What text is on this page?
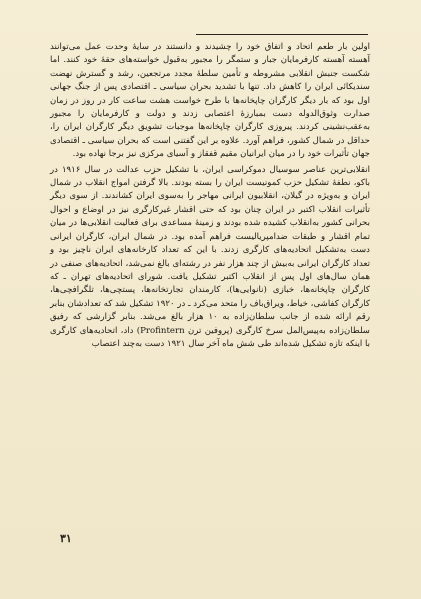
اولین بار طعم اتحاد و اتفاق خود را چشیدند و دانستند در سایهٔ وحدت عمل می‌توانند آهسته آهسته کارفرمایان جبار و ستمگر را مجبور به‌قبول خواسته‌های حقهٔ خود کنند. اما شکست جنبش انقلابی مشروطه و تأمین سلطهٔ مجدد مرتجعین، رشد و گسترش نهضت سندیکائی ایران را کاهش داد. تنها با تشدید بحران سیاسی ـ اقتصادی پس از جنگ جهانی اول بود که بار دیگر کارگران چاپخانه‌ها با طرح خواست هشت ساعت کار در روز در زمان صدارت وثوق‌الدوله دست بمبارزهٔ اعتصابی زدند و دولت و کارفرمایان را مجبور به‌عقب‌نشینی کردند. پیروزی کارگران چاپخانه‌ها موجبات تشویق دیگر کارگران ایران را، حداقل در شمال کشور، فراهم آورد. علاوه بر این گفتنی است که بحران سیاسی ـ اقتصادی جهان تأثیرات خود را در میان ایرانیان مقیم قفقاز و آسیای مرکزی نیز برجا نهاده بود.

انقلابی‌ترین عناصر سوسیال دموکراسی ایران، با تشکیل حزب عدالت در سال ۱۹۱۶ در باکو، نطفهٔ تشکیل حزب کمونیست ایران را بسته بودند. بالا گرفتن امواج انقلاب در شمال ایران و به‌ویژه در گیلان، انقلابیون ایرانی مهاجر را به‌سوی ایران کشاندند. از سوی دیگر تأثیرات انقلاب اکتبر در ایران چنان بود که حتی اقشار غیرکارگری نیز در اوضاع و احوال بحرانی کشور به‌انقلاب کشیده شده بودند و زمینهٔ مساعدی برای فعالیت انقلابی‌ها در میان تمام اقشار و طبقات ضدامپریالیست فراهم آمده بود. در شمال ایران، کارگران ایرانی دست به‌تشکیل اتحادیه‌های کارگری زدند. با این که تعداد کارخانه‌های ایران ناچیز بود و تعداد کارگران ایرانی به‌بیش از چند هزار نفر در رشته‌ای بالغ نمی‌شد، اتحادیه‌های صنفی در همان سال‌های اول پس از انقلاب اکتبر تشکیل یافت. شورای اتحادیه‌های تهران ـ که کارگران چاپخانه‌ها، خبازی (نانوایی‌ها)، کارمندان تجارتخانه‌ها، پستچی‌ها، تلگرافچی‌ها، کارگران کفاشی، خیاط، ویراق‌باف را متحد می‌کرد ـ در ۱۹۲۰ تشکیل شد که تعدادشان بنابر رقم ارائه شده از جانب سلطان‌زاده به ۱۰ هزار بالغ می‌شد. بنابر گزارشی که رفیق سلطان‌زاده به‌پیس‌المل سرخ کارگری (پروفین ترن Profintern) داد، اتحادیه‌های کارگری با اینکه تازه تشکیل شده‌اند طی شش ماه آخر سال ۱۹۲۱ دست به‌چند اعتصاب

۳۱
